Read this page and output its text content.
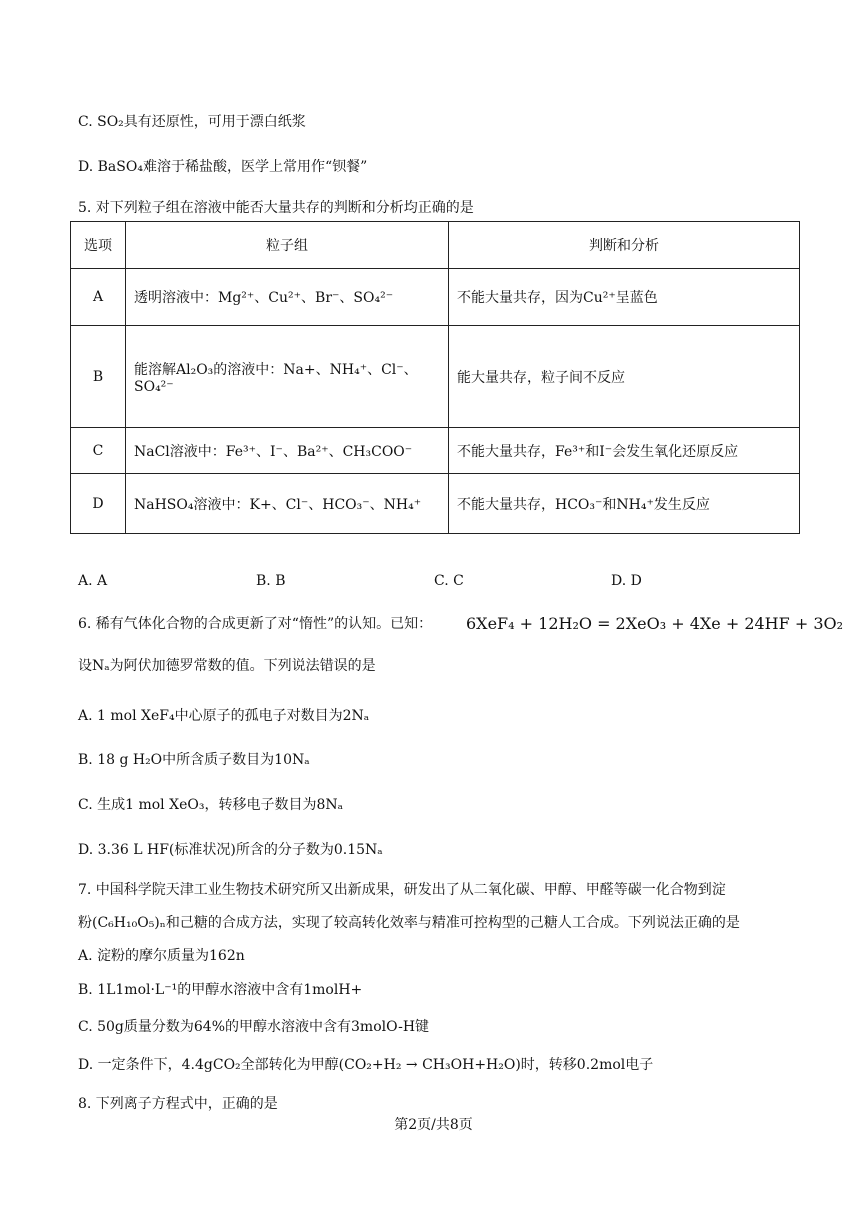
C. SO₂具有还原性，可用于漂白纸浆
D. BaSO₄难溶于稀盐酸，医学上常用作“钡餐”
5. 对下列粒子组在溶液中能否大量共存的判断和分析均正确的是
选项	粒子组	判断和分析
A	透明溶液中：Mg²⁺、Cu²⁺、Br⁻、SO₄²⁻	不能大量共存，因为Cu²⁺呈蓝色
B	能溶解Al₂O₃的溶液中：Na+、NH₄⁺、Cl⁻、SO₄²⁻	能大量共存，粒子间不反应
C	NaCl溶液中：Fe³⁺、I⁻、Ba²⁺、CH₃COO⁻	不能大量共存，Fe³⁺和I⁻会发生氧化还原反应
D	NaHSO₄溶液中：K+、Cl⁻、HCO₃⁻、NH₄⁺	不能大量共存，HCO₃⁻和NH₄⁺发生反应
A. A	B. B	C. C	D. D
6. 稀有气体化合物的合成更新了对“惰性”的认知。已知： 6XeF₄ + 12H₂O = 2XeO₃ + 4Xe + 24HF + 3O₂
设Nₐ为阿伏加德罗常数的值。下列说法错误的是
A. 1 mol XeF₄中心原子的孤电子对数目为2Nₐ
B. 18 g H₂O中所含质子数目为10Nₐ
C. 生成1 mol XeO₃，转移电子数目为8Nₐ
D. 3.36 L HF(标准状况)所含的分子数为0.15Nₐ
7. 中国科学院天津工业生物技术研究所又出新成果，研发出了从二氧化碳、甲醇、甲醛等碳一化合物到淀
粉(C₆H₁₀O₅)ₙ和己糖的合成方法，实现了较高转化效率与精准可控构型的己糖人工合成。下列说法正确的是
A. 淀粉的摩尔质量为162n
B. 1L1mol·L⁻¹的甲醇水溶液中含有1molH+
C. 50g质量分数为64%的甲醇水溶液中含有3molO-H键
D. 一定条件下，4.4gCO₂全部转化为甲醇(CO₂+H₂ → CH₃OH+H₂O)时，转移0.2mol电子
8. 下列离子方程式中，正确的是
第2页/共8页
